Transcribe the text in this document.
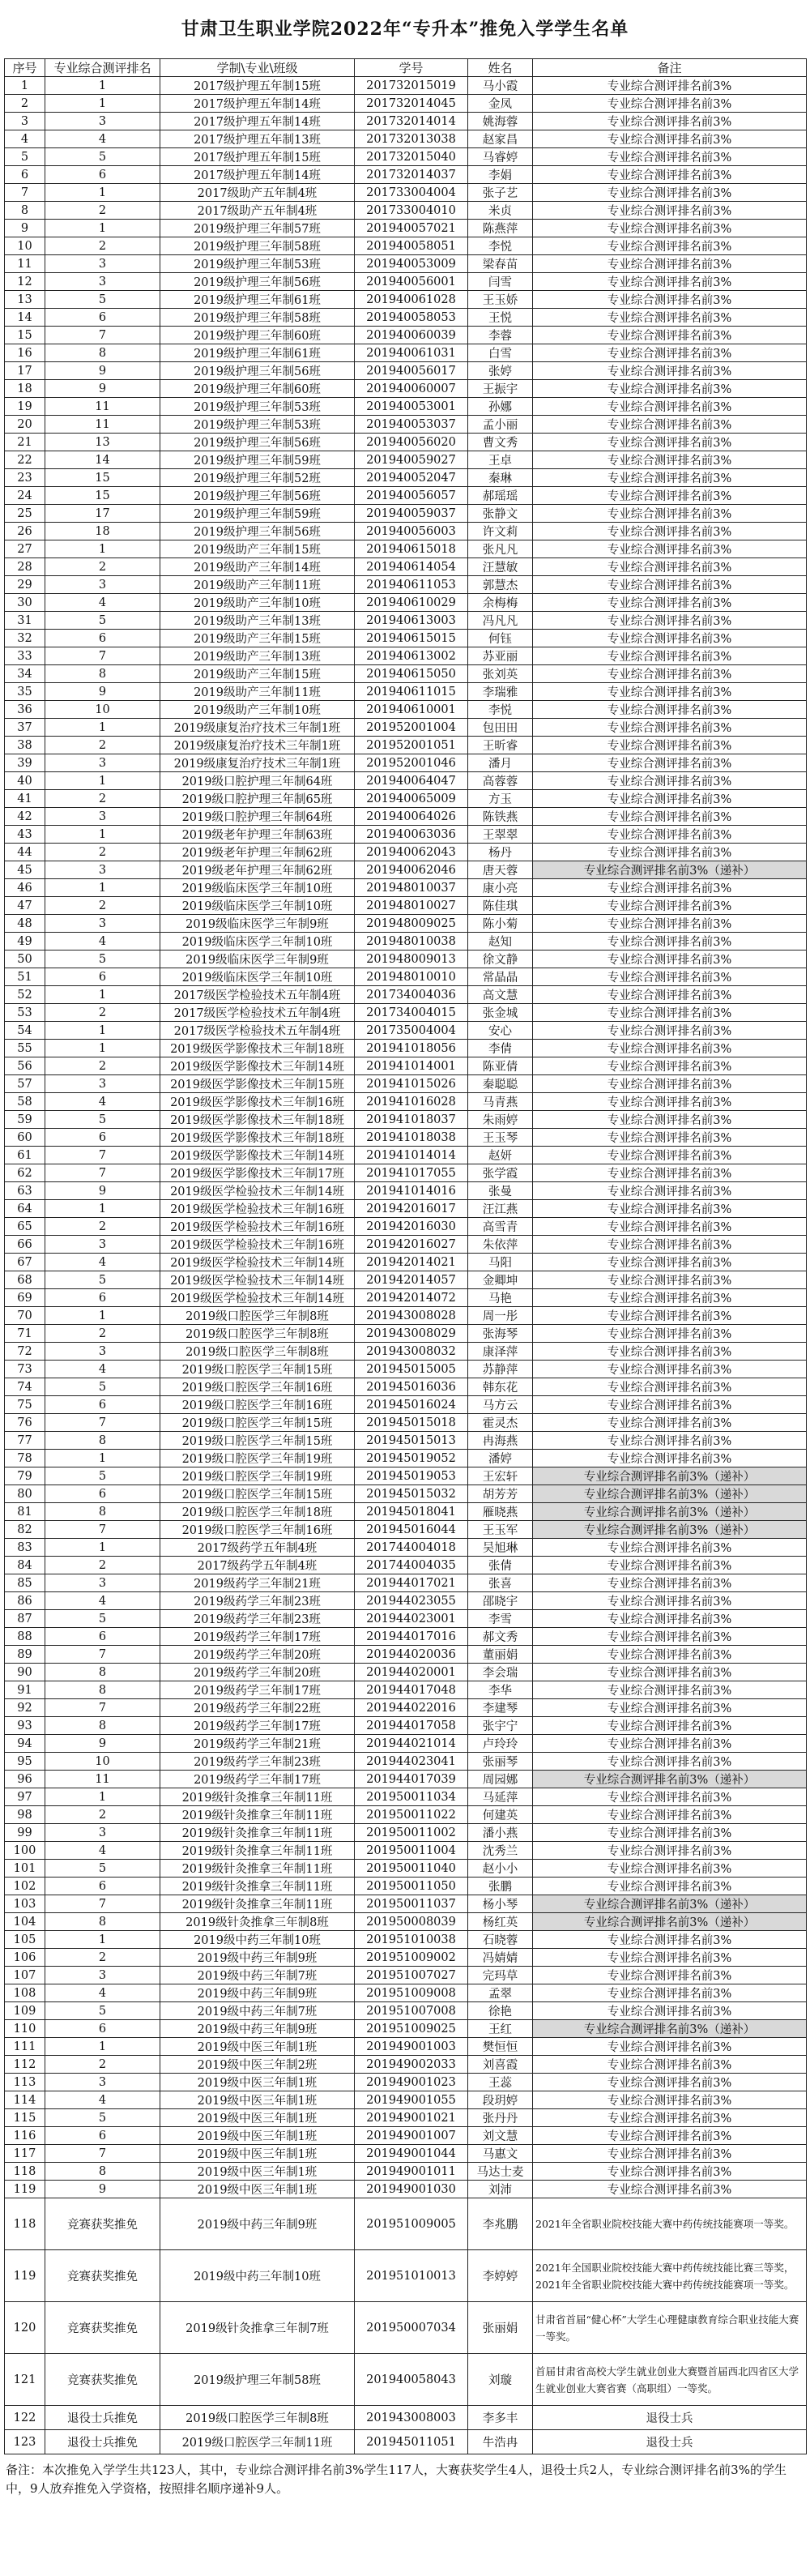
甘肃卫生职业学院2022年“专升本”推免入学学生名单
序号	专业综合测评排名	学制\专业\班级	学号	姓名	备注
1	1	2017级护理五年制15班	201732015019	马小霞	专业综合测评排名前3%
2	1	2017级护理五年制14班	201732014045	金凤	专业综合测评排名前3%
3	3	2017级护理五年制14班	201732014014	姚海蓉	专业综合测评排名前3%
4	4	2017级护理五年制13班	201732013038	赵家昌	专业综合测评排名前3%
5	5	2017级护理五年制15班	201732015040	马睿婷	专业综合测评排名前3%
6	6	2017级护理五年制14班	201732014037	李娟	专业综合测评排名前3%
7	1	2017级助产五年制4班	201733004004	张子艺	专业综合测评排名前3%
8	2	2017级助产五年制4班	201733004010	米贞	专业综合测评排名前3%
9	1	2019级护理三年制57班	201940057021	陈燕萍	专业综合测评排名前3%
10	2	2019级护理三年制58班	201940058051	李悦	专业综合测评排名前3%
11	3	2019级护理三年制53班	201940053009	梁春苗	专业综合测评排名前3%
12	3	2019级护理三年制56班	201940056001	闫雪	专业综合测评排名前3%
13	5	2019级护理三年制61班	201940061028	王玉娇	专业综合测评排名前3%
14	6	2019级护理三年制58班	201940058053	王悦	专业综合测评排名前3%
15	7	2019级护理三年制60班	201940060039	李蓉	专业综合测评排名前3%
16	8	2019级护理三年制61班	201940061031	白雪	专业综合测评排名前3%
17	9	2019级护理三年制56班	201940056017	张婷	专业综合测评排名前3%
18	9	2019级护理三年制60班	201940060007	王振宇	专业综合测评排名前3%
19	11	2019级护理三年制53班	201940053001	孙娜	专业综合测评排名前3%
20	11	2019级护理三年制53班	201940053037	孟小丽	专业综合测评排名前3%
21	13	2019级护理三年制56班	201940056020	曹文秀	专业综合测评排名前3%
22	14	2019级护理三年制59班	201940059027	王卓	专业综合测评排名前3%
23	15	2019级护理三年制52班	201940052047	秦琳	专业综合测评排名前3%
24	15	2019级护理三年制56班	201940056057	郝瑶瑶	专业综合测评排名前3%
25	17	2019级护理三年制59班	201940059037	张静文	专业综合测评排名前3%
26	18	2019级护理三年制56班	201940056003	许文莉	专业综合测评排名前3%
27	1	2019级助产三年制15班	201940615018	张凡凡	专业综合测评排名前3%
28	2	2019级助产三年制14班	201940614054	汪慧敏	专业综合测评排名前3%
29	3	2019级助产三年制11班	201940611053	郭慧杰	专业综合测评排名前3%
30	4	2019级助产三年制10班	201940610029	余梅梅	专业综合测评排名前3%
31	5	2019级助产三年制13班	201940613003	冯凡凡	专业综合测评排名前3%
32	6	2019级助产三年制15班	201940615015	何钰	专业综合测评排名前3%
33	7	2019级助产三年制13班	201940613002	苏亚丽	专业综合测评排名前3%
34	8	2019级助产三年制15班	201940615050	张刘英	专业综合测评排名前3%
35	9	2019级助产三年制11班	201940611015	李瑞雅	专业综合测评排名前3%
36	10	2019级助产三年制10班	201940610001	李悦	专业综合测评排名前3%
37	1	2019级康复治疗技术三年制1班	201952001004	包田田	专业综合测评排名前3%
38	2	2019级康复治疗技术三年制1班	201952001051	王昕睿	专业综合测评排名前3%
39	3	2019级康复治疗技术三年制1班	201952001046	潘月	专业综合测评排名前3%
40	1	2019级口腔护理三年制64班	201940064047	高蓉蓉	专业综合测评排名前3%
41	2	2019级口腔护理三年制65班	201940065009	方玉	专业综合测评排名前3%
42	3	2019级口腔护理三年制64班	201940064026	陈铁燕	专业综合测评排名前3%
43	1	2019级老年护理三年制63班	201940063036	王翠翠	专业综合测评排名前3%
44	2	2019级老年护理三年制62班	201940062043	杨丹	专业综合测评排名前3%
45	3	2019级老年护理三年制62班	201940062046	唐天蓉	专业综合测评排名前3%（递补）
46	1	2019级临床医学三年制10班	201948010037	康小亮	专业综合测评排名前3%
47	2	2019级临床医学三年制10班	201948010027	陈佳琪	专业综合测评排名前3%
48	3	2019级临床医学三年制9班	201948009025	陈小菊	专业综合测评排名前3%
49	4	2019级临床医学三年制10班	201948010038	赵知	专业综合测评排名前3%
50	5	2019级临床医学三年制9班	201948009013	徐文静	专业综合测评排名前3%
51	6	2019级临床医学三年制10班	201948010010	常晶晶	专业综合测评排名前3%
52	1	2017级医学检验技术五年制4班	201734004036	高文慧	专业综合测评排名前3%
53	2	2017级医学检验技术五年制4班	201734004015	张金城	专业综合测评排名前3%
54	1	2017级医学检验技术五年制4班	201735004004	安心	专业综合测评排名前3%
55	1	2019级医学影像技术三年制18班	201941018056	李倩	专业综合测评排名前3%
56	2	2019级医学影像技术三年制14班	201941014001	陈亚倩	专业综合测评排名前3%
57	3	2019级医学影像技术三年制15班	201941015026	秦聪聪	专业综合测评排名前3%
58	4	2019级医学影像技术三年制16班	201941016028	马青燕	专业综合测评排名前3%
59	5	2019级医学影像技术三年制18班	201941018037	朱雨婷	专业综合测评排名前3%
60	6	2019级医学影像技术三年制18班	201941018038	王玉琴	专业综合测评排名前3%
61	7	2019级医学影像技术三年制14班	201941014014	赵妍	专业综合测评排名前3%
62	7	2019级医学影像技术三年制17班	201941017055	张学霞	专业综合测评排名前3%
63	9	2019级医学检验技术三年制14班	201941014016	张曼	专业综合测评排名前3%
64	1	2019级医学检验技术三年制16班	201942016017	汪江燕	专业综合测评排名前3%
65	2	2019级医学检验技术三年制16班	201942016030	高雪青	专业综合测评排名前3%
66	3	2019级医学检验技术三年制16班	201942016027	朱依萍	专业综合测评排名前3%
67	4	2019级医学检验技术三年制14班	201942014021	马阳	专业综合测评排名前3%
68	5	2019级医学检验技术三年制14班	201942014057	金卿坤	专业综合测评排名前3%
69	6	2019级医学检验技术三年制14班	201942014072	马艳	专业综合测评排名前3%
70	1	2019级口腔医学三年制8班	201943008028	周一彤	专业综合测评排名前3%
71	2	2019级口腔医学三年制8班	201943008029	张海琴	专业综合测评排名前3%
72	3	2019级口腔医学三年制8班	201943008032	康泽萍	专业综合测评排名前3%
73	4	2019级口腔医学三年制15班	201945015005	苏静萍	专业综合测评排名前3%
74	5	2019级口腔医学三年制16班	201945016036	韩东花	专业综合测评排名前3%
75	6	2019级口腔医学三年制16班	201945016024	马方云	专业综合测评排名前3%
76	7	2019级口腔医学三年制15班	201945015018	霍灵杰	专业综合测评排名前3%
77	8	2019级口腔医学三年制15班	201945015013	冉海燕	专业综合测评排名前3%
78	1	2019级口腔医学三年制19班	201945019052	潘婷	专业综合测评排名前3%
79	5	2019级口腔医学三年制19班	201945019053	王宏轩	专业综合测评排名前3%（递补）
80	6	2019级口腔医学三年制15班	201945015032	胡芳芳	专业综合测评排名前3%（递补）
81	8	2019级口腔医学三年制18班	201945018041	雁晓燕	专业综合测评排名前3%（递补）
82	7	2019级口腔医学三年制16班	201945016044	王玉军	专业综合测评排名前3%（递补）
83	1	2017级药学五年制4班	201744004018	吴旭琳	专业综合测评排名前3%
84	2	2017级药学五年制4班	201744004035	张倩	专业综合测评排名前3%
85	3	2019级药学三年制21班	201944017021	张喜	专业综合测评排名前3%
86	4	2019级药学三年制23班	201944023055	邵晓宇	专业综合测评排名前3%
87	5	2019级药学三年制23班	201944023001	李雪	专业综合测评排名前3%
88	6	2019级药学三年制17班	201944017016	郝文秀	专业综合测评排名前3%
89	7	2019级药学三年制20班	201944020036	董丽娟	专业综合测评排名前3%
90	8	2019级药学三年制20班	201944020001	李会瑞	专业综合测评排名前3%
91	8	2019级药学三年制17班	201944017048	李华	专业综合测评排名前3%
92	7	2019级药学三年制22班	201944022016	李建琴	专业综合测评排名前3%
93	8	2019级药学三年制17班	201944017058	张宇宁	专业综合测评排名前3%
94	9	2019级药学三年制21班	201944021014	卢玲玲	专业综合测评排名前3%
95	10	2019级药学三年制23班	201944023041	张丽琴	专业综合测评排名前3%
96	11	2019级药学三年制17班	201944017039	周园娜	专业综合测评排名前3%（递补）
97	1	2019级针灸推拿三年制11班	201950011034	马延萍	专业综合测评排名前3%
98	2	2019级针灸推拿三年制11班	201950011022	何建英	专业综合测评排名前3%
99	3	2019级针灸推拿三年制11班	201950011002	潘小燕	专业综合测评排名前3%
100	4	2019级针灸推拿三年制11班	201950011004	沈秀兰	专业综合测评排名前3%
101	5	2019级针灸推拿三年制11班	201950011040	赵小小	专业综合测评排名前3%
102	6	2019级针灸推拿三年制11班	201950011050	张鹏	专业综合测评排名前3%
103	7	2019级针灸推拿三年制11班	201950011037	杨小琴	专业综合测评排名前3%（递补）
104	8	2019级针灸推拿三年制8班	201950008039	杨红英	专业综合测评排名前3%（递补）
105	1	2019级中药三年制10班	201951010038	石晓蓉	专业综合测评排名前3%
106	2	2019级中药三年制9班	201951009002	冯婧婧	专业综合测评排名前3%
107	3	2019级中药三年制7班	201951007027	完玛草	专业综合测评排名前3%
108	4	2019级中药三年制9班	201951009008	孟翠	专业综合测评排名前3%
109	5	2019级中药三年制7班	201951007008	徐艳	专业综合测评排名前3%
110	6	2019级中药三年制9班	201951009025	王红	专业综合测评排名前3%（递补）
111	1	2019级中医三年制1班	201949001003	樊恒恒	专业综合测评排名前3%
112	2	2019级中医三年制2班	201949002033	刘喜霞	专业综合测评排名前3%
113	3	2019级中医三年制1班	201949001023	王蕊	专业综合测评排名前3%
114	4	2019级中医三年制1班	201949001055	段玥婷	专业综合测评排名前3%
115	5	2019级中医三年制1班	201949001021	张丹丹	专业综合测评排名前3%
116	6	2019级中医三年制1班	201949001007	刘文慧	专业综合测评排名前3%
117	7	2019级中医三年制1班	201949001044	马惠文	专业综合测评排名前3%
118	8	2019级中医三年制1班	201949001011	马达士麦	专业综合测评排名前3%
119	9	2019级中医三年制1班	201949001030	刘沛	专业综合测评排名前3%
118	竞赛获奖推免	2019级中药三年制9班	201951009005	李兆鹏	2021年全省职业院校技能大赛中药传统技能赛项一等奖。
119	竞赛获奖推免	2019级中药三年制10班	201951010013	李婷婷	2021年全国职业院校技能大赛中药传统技能比赛三等奖，2021年全省职业院校技能大赛中药传统技能赛项一等奖。
120	竞赛获奖推免	2019级针灸推拿三年制7班	201950007034	张丽娟	甘肃省首届“健心杯”大学生心理健康教育综合职业技能大赛一等奖。
121	竞赛获奖推免	2019级护理三年制58班	201940058043	刘璇	首届甘肃省高校大学生就业创业大赛暨首届西北四省区大学生就业创业大赛省赛（高职组）一等奖。
122	退役士兵推免	2019级口腔医学三年制8班	201943008003	李多丰	退役士兵
123	退役士兵推免	2019级口腔医学三年制11班	201945011051	牛浩冉	退役士兵
备注：本次推免入学学生共123人，其中，专业综合测评排名前3%学生117人，大赛获奖学生4人，退役士兵2人，专业综合测评排名前3%的学生中，9人放弃推免入学资格，按照排名顺序递补9人。
